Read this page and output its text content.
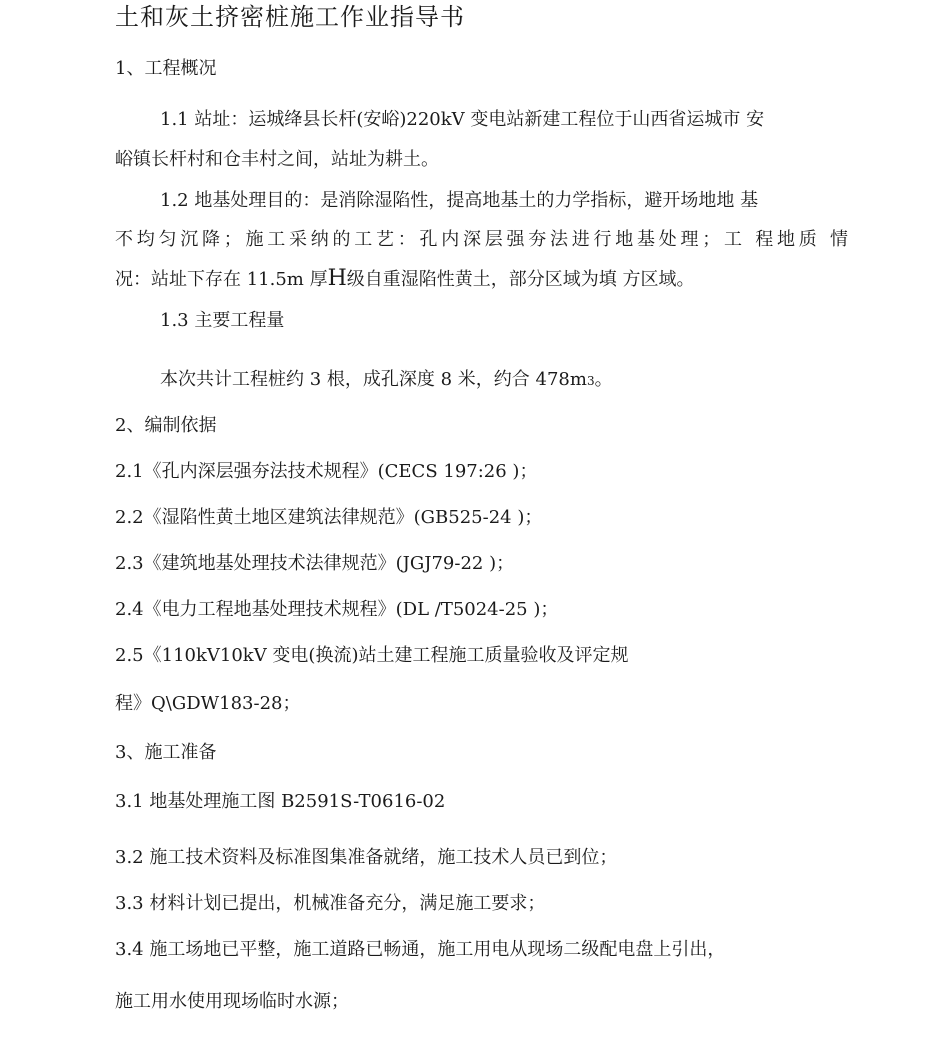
土和灰土挤密桩施工作业指导书
1、工程概况
1.1 站址：运城绛县长杆(安峪)220kV 变电站新建工程位于山西省运城市 安
峪镇长杆村和仓丰村之间，站址为耕土。
1.2 地基处理目的：是消除湿陷性，提高地基土的力学指标，避开场地地 基
不均匀沉降；施工采纳的工艺：孔内深层强夯法进行地基处理；工 程地质 情
况：站址下存在 11.5m 厚H级自重湿陷性黄土，部分区域为填 方区域。
1.3 主要工程量
本次共计工程桩约 3 根，成孔深度 8 米，约合 478m3。
2、编制依据
2.1《孔内深层强夯法技术规程》(CECS 197:26 )；
2.2《湿陷性黄土地区建筑法律规范》(GB525-24 )；
2.3《建筑地基处理技术法律规范》(JGJ79-22 )；
2.4《电力工程地基处理技术规程》(DL /T5024-25 )；
2.5《110kV10kV 变电(换流)站土建工程施工质量验收及评定规
程》Q\GDW183-28；
3、施工准备
3.1 地基处理施工图 B2591S-T0616-02
3.2 施工技术资料及标准图集准备就绪，施工技术人员已到位；
3.3 材料计划已提出，机械准备充分，满足施工要求；
3.4 施工场地已平整，施工道路已畅通，施工用电从现场二级配电盘上引出，
施工用水使用现场临时水源；
